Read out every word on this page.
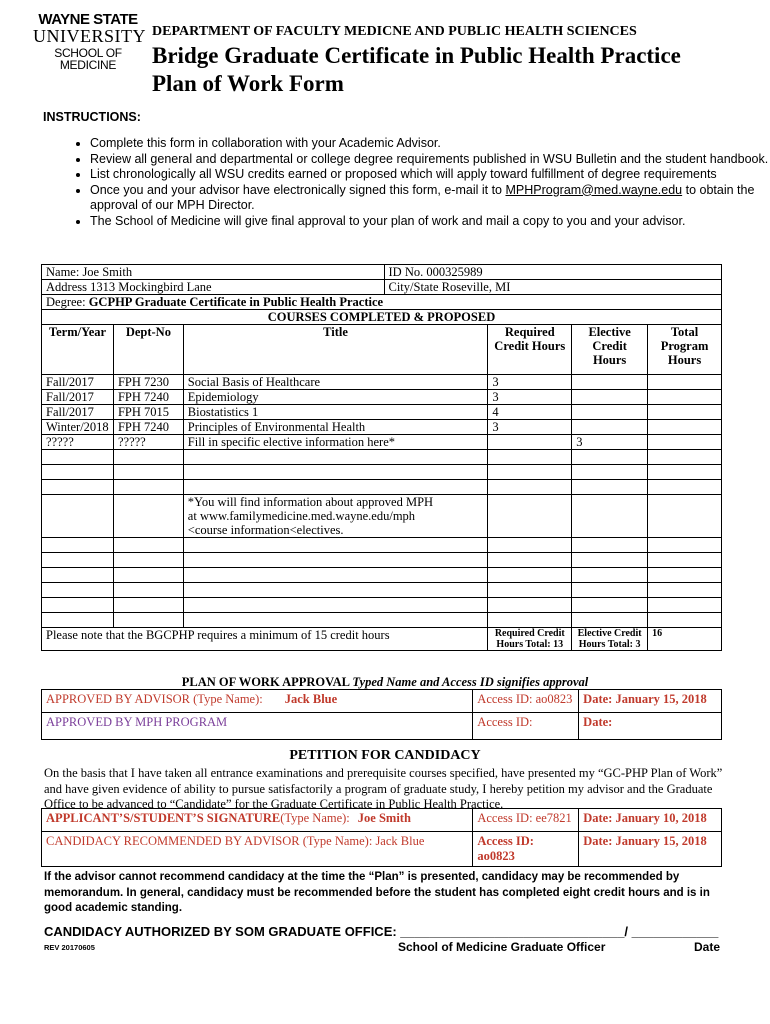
WAYNE STATE
UNIVERSITY
SCHOOL OF MEDICINE
DEPARTMENT OF FACULTY MEDICNE AND PUBLIC HEALTH SCIENCES
Bridge Graduate Certificate in Public Health Practice
Plan of Work Form
INSTRUCTIONS:
• Complete this form in collaboration with your Academic Advisor.
• Review all general and departmental or college degree requirements published in WSU Bulletin and the student handbook.
• List chronologically all WSU credits earned or proposed which will apply toward fulfillment of degree requirements
• Once you and your advisor have electronically signed this form, e-mail it to MPHProgram@med.wayne.edu to obtain the approval of our MPH Director.
• The School of Medicine will give final approval to your plan of work and mail a copy to you and your advisor.
Name: Joe Smith	ID No. 000325989
Address 1313 Mockingbird Lane	City/State Roseville, MI
Degree: GCPHP Graduate Certificate in Public Health Practice	
COURSES COMPLETED & PROPOSED					
Term/Year	Dept-No	Title	Required Credit Hours	Elective Credit Hours	Total Program Hours
Fall/2017	FPH 7230	Social Basis of Healthcare	3		
Fall/2017	FPH 7240	Epidemiology	3		
Fall/2017	FPH 7015	Biostatistics 1	4		
Winter/2018	FPH 7240	Principles of Environmental Health	3		
?????	?????	Fill in specific elective information here*		3	

		*You will find information about approved MPH
at www.familymedicine.med.wayne.edu/mph
<course information<electives.			

Please note that the BGCPHP requires a minimum of 15 credit hours			Required Credit Hours Total: 13	Elective Credit Hours Total: 3	16
PLAN OF WORK APPROVAL Typed Name and Access ID signifies approval
APPROVED BY ADVISOR (Type Name): Jack Blue	Access ID: ao0823	Date: January 15, 2018
APPROVED BY MPH PROGRAM	Access ID:	Date:
PETITION FOR CANDIDACY
On the basis that I have taken all entrance examinations and prerequisite courses specified, have presented my “GC-PHP Plan of Work” and have given evidence of ability to pursue satisfactorily a program of graduate study, I hereby petition my advisor and the Graduate Office to be advanced to “Candidate” for the Graduate Certificate in Public Health Practice.
APPLICANT’S/STUDENT’S SIGNATURE(Type Name): Joe Smith	Access ID: ee7821	Date: January 10, 2018
CANDIDACY RECOMMENDED BY ADVISOR (Type Name): Jack Blue	Access ID: ao0823	Date: January 15, 2018
If the advisor cannot recommend candidacy at the time the “Plan” is presented, candidacy may be recommended by memorandum. In general, candidacy must be recommended before the student has completed eight credit hours and is in good academic standing.
CANDIDACY AUTHORIZED BY SOM GRADUATE OFFICE: _______________________________/ ____________
REV 20170605	School of Medicine Graduate Officer	Date
